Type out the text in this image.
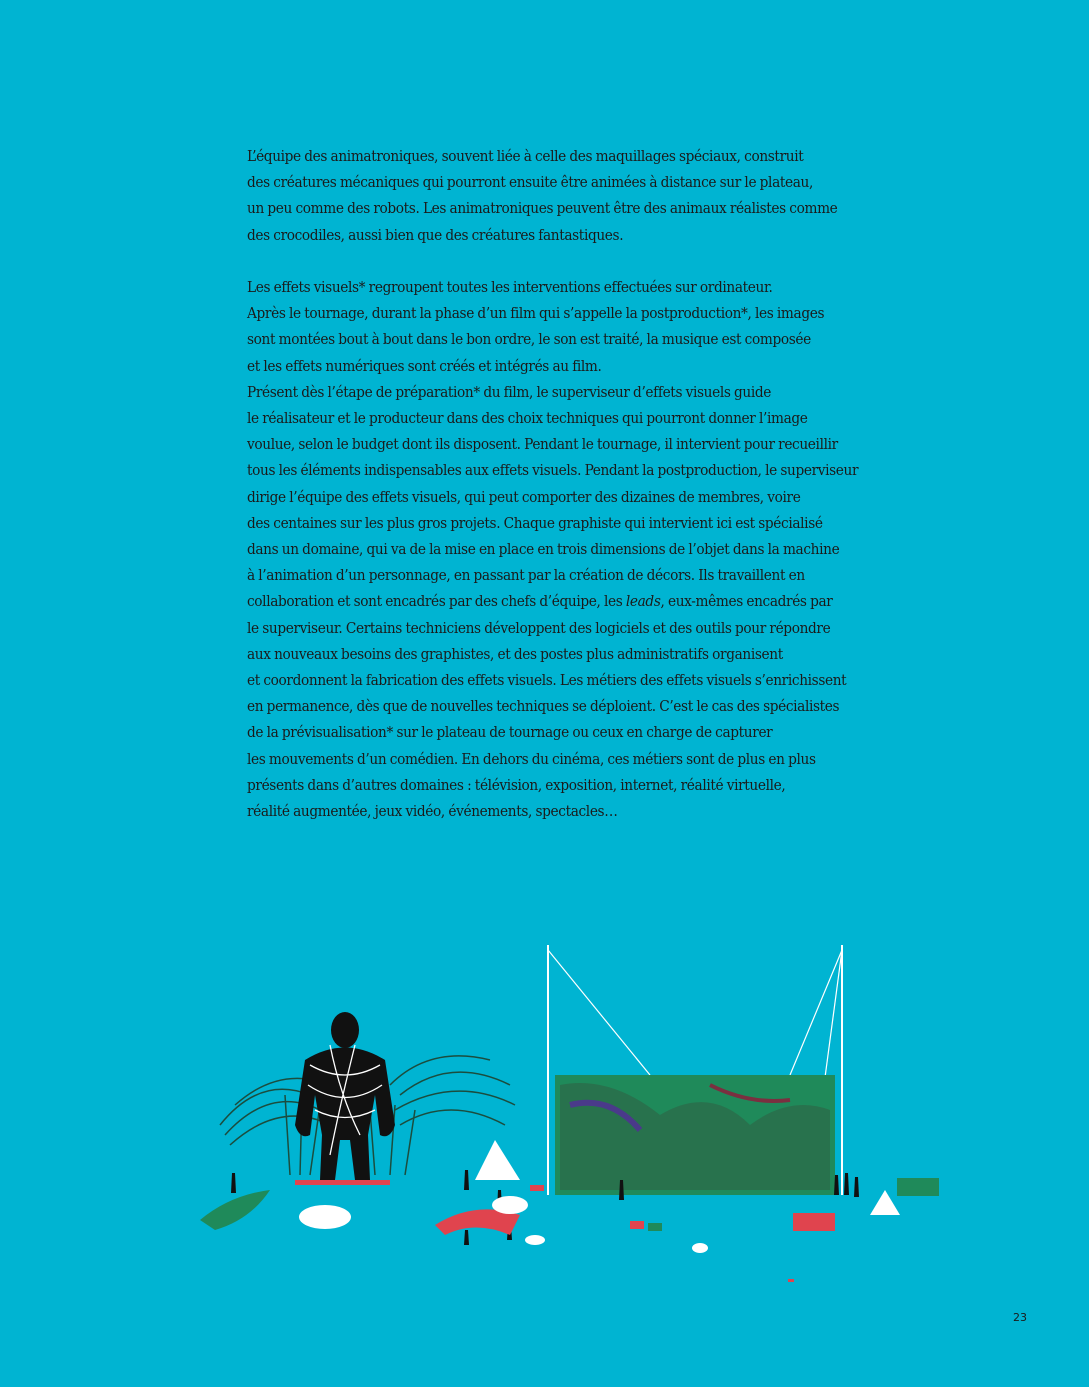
L’équipe des animatroniques, souvent liée à celle des maquillages spéciaux, construit
des créatures mécaniques qui pourront ensuite être animées à distance sur le plateau,
un peu comme des robots. Les animatroniques peuvent être des animaux réalistes comme
des crocodiles, aussi bien que des créatures fantastiques.
Les effets visuels* regroupent toutes les interventions effectuées sur ordinateur.
Après le tournage, durant la phase d’un film qui s’appelle la postproduction*, les images
sont montées bout à bout dans le bon ordre, le son est traité, la musique est composée
et les effets numériques sont créés et intégrés au film.
Présent dès l’étape de préparation* du film, le superviseur d’effets visuels guide
le réalisateur et le producteur dans des choix techniques qui pourront donner l’image
voulue, selon le budget dont ils disposent. Pendant le tournage, il intervient pour recueillir
tous les éléments indispensables aux effets visuels. Pendant la postproduction, le superviseur
dirige l’équipe des effets visuels, qui peut comporter des dizaines de membres, voire
des centaines sur les plus gros projets. Chaque graphiste qui intervient ici est spécialisé
dans un domaine, qui va de la mise en place en trois dimensions de l’objet dans la machine
à l’animation d’un personnage, en passant par la création de décors. Ils travaillent en
collaboration et sont encadrés par des chefs d’équipe, les leads, eux-mêmes encadrés par
le superviseur. Certains techniciens développent des logiciels et des outils pour répondre
aux nouveaux besoins des graphistes, et des postes plus administratifs organisent
et coordonnent la fabrication des effets visuels. Les métiers des effets visuels s’enrichissent
en permanence, dès que de nouvelles techniques se déploient. C’est le cas des spécialistes
de la prévisualisation* sur le plateau de tournage ou ceux en charge de capturer
les mouvements d’un comédien. En dehors du cinéma, ces métiers sont de plus en plus
présents dans d’autres domaines : télévision, exposition, internet, réalité virtuelle,
réalité augmentée, jeux vidéo, événements, spectacles…
23
